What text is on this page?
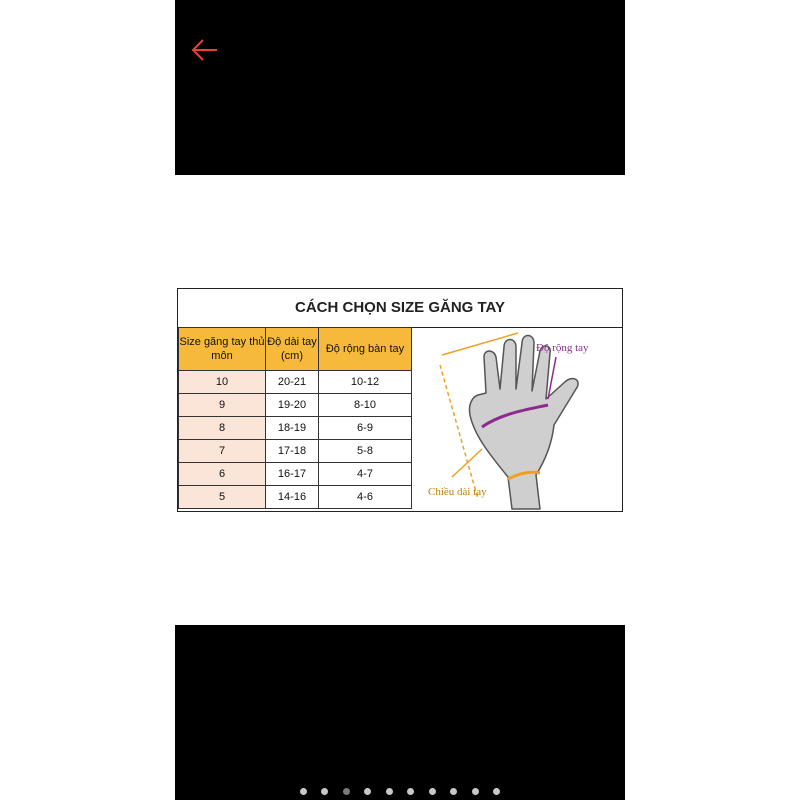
CÁCH CHỌN SIZE GĂNG TAY
Size găng tay thủ môn	Độ dài tay (cm)	Độ rộng bàn tay
10	20-21	10-12
9	19-20	8-10
8	18-19	6-9
7	17-18	5-8
6	16-17	4-7
5	14-16	4-6
Độ rộng tay
Chiều dài tay
